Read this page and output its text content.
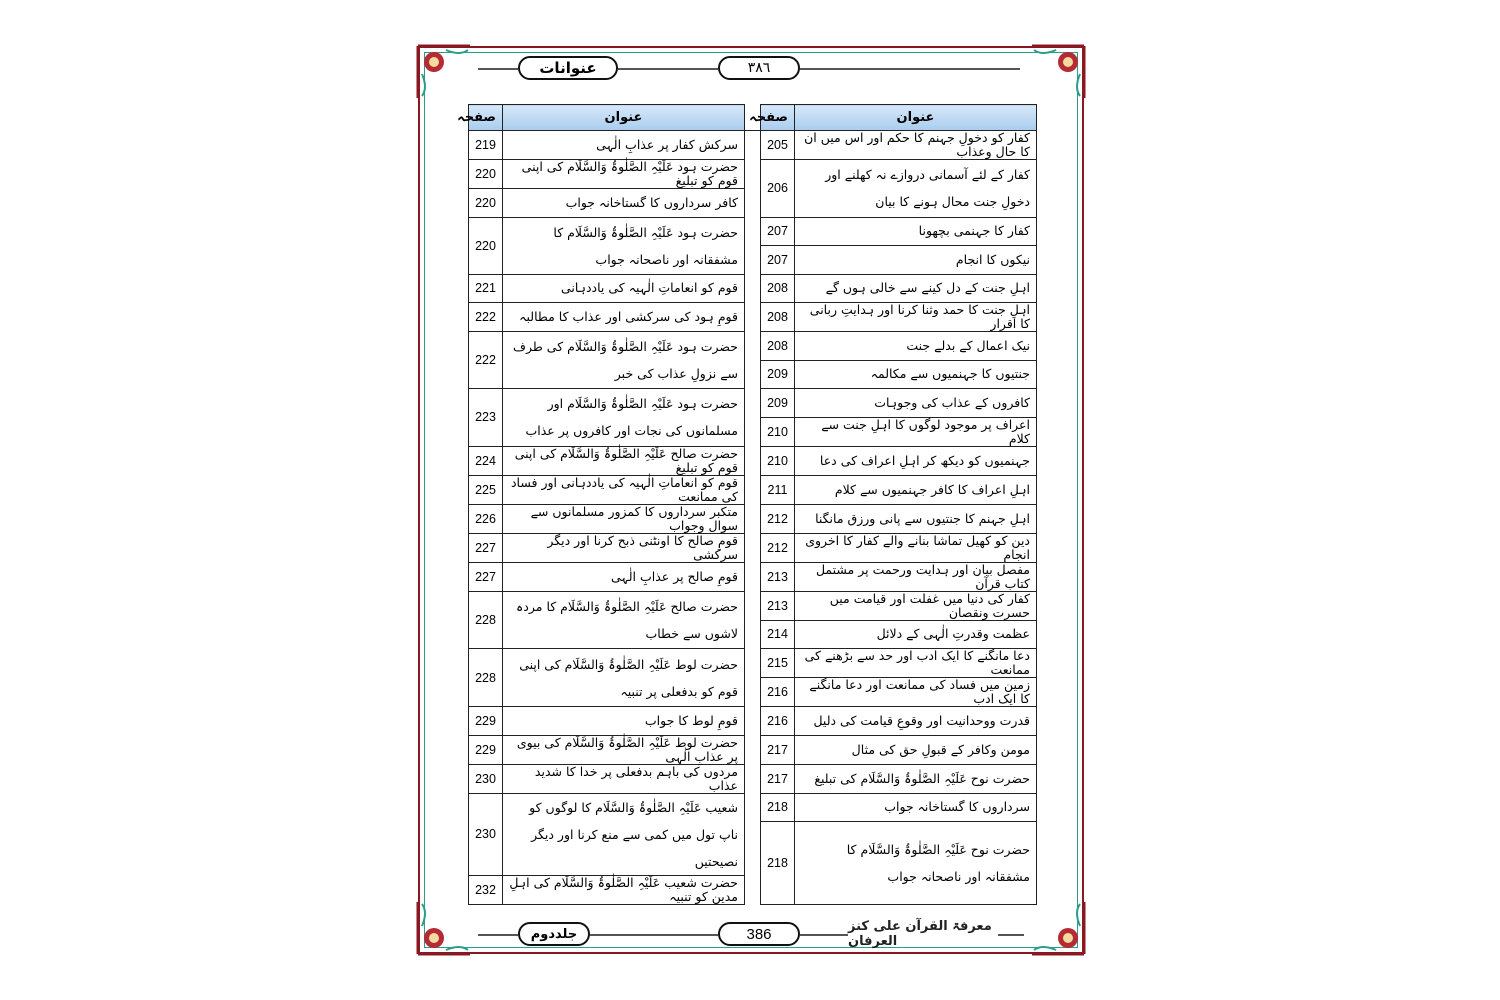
عنوانات	۳۸٦
عنوان	صفحہ		عنوان	صفحہ
کفار کو دخولِ جہنم کا حکم اور اس میں ان کا حال وعذاب	205		سرکش کفار پر عذابِ الٰہی	219
کفار کے لئے آسمانی دروازے نہ کھلنے اور دخولِ جنت محال ہونے کا بیان	206		حضرت ہود عَلَیْہِ الصَّلٰوۃُ وَالسَّلَام کی اپنی قوم کو تبلیغ	220
			کافر سرداروں کا گستاخانہ جواب	220
کفار کا جہنمی بچھونا	207		حضرت ہود عَلَیْہِ الصَّلٰوۃُ وَالسَّلَام کا مشفقانہ اور ناصحانہ جواب	220
نیکوں کا انجام	207			
اہلِ جنت کے دل کینے سے خالی ہوں گے	208		قوم کو انعاماتِ الٰہیہ کی یاددہانی	221
اہلِ جنت کا حمد وثنا کرنا اور ہدایتِ ربانی کا اقرار	208		قومِ ہود کی سرکشی اور عذاب کا مطالبہ	222
نیک اعمال کے بدلے جنت	208		حضرت ہود عَلَیْہِ الصَّلٰوۃُ وَالسَّلَام کی طرف سے نزولِ عذاب کی خبر	222
جنتیوں کا جہنمیوں سے مکالمہ	209			
کافروں کے عذاب کی وجوہات	209		حضرت ہود عَلَیْہِ الصَّلٰوۃُ وَالسَّلَام اور مسلمانوں کی نجات اور کافروں پر عذاب	223
اعراف پر موجود لوگوں کا اہلِ جنت سے کلام	210			
جہنمیوں کو دیکھ کر اہلِ اعراف کی دعا	210		حضرت صالح عَلَیْہِ الصَّلٰوۃُ وَالسَّلَام کی اپنی قوم کو تبلیغ	224
اہلِ اعراف کا کافر جہنمیوں سے کلام	211		قوم کو انعاماتِ الٰہیہ کی یاددہانی اور فساد کی ممانعت	225
اہلِ جہنم کا جنتیوں سے پانی ورزق مانگنا	212		متکبر سرداروں کا کمزور مسلمانوں سے سوال وجواب	226
دین کو کھیل تماشا بنانے والے کفار کا اخروی انجام	212		قومِ صالح کا اونٹنی ذبح کرنا اور دیگر سرکشی	227
مفصل بیان اور ہدایت ورحمت پر مشتمل کتاب قرآن	213		قومِ صالح پر عذابِ الٰہی	227
کفار کی دنیا میں غفلت اور قیامت میں حسرت ونقصان	213		حضرت صالح عَلَیْہِ الصَّلٰوۃُ وَالسَّلَام کا مردہ لاشوں سے خطاب	228
عظمت وقدرتِ الٰہی کے دلائل	214			
دعا مانگنے کا ایک ادب اور حد سے بڑھنے کی ممانعت	215		حضرت لوط عَلَیْہِ الصَّلٰوۃُ وَالسَّلَام کی اپنی قوم کو بدفعلی پر تنبیہ	228
زمین میں فساد کی ممانعت اور دعا مانگنے کا ایک ادب	216			
قدرت ووحدانیت اور وقوعِ قیامت کی دلیل	216		قومِ لوط کا جواب	229
مومن وکافر کے قبولِ حق کی مثال	217		حضرت لوط عَلَیْہِ الصَّلٰوۃُ وَالسَّلَام کی بیوی پر عذابِ الٰہی	229
حضرت نوح عَلَیْہِ الصَّلٰوۃُ وَالسَّلَام کی تبلیغ	217		مردوں کی باہم بدفعلی پر خدا کا شدید عذاب	230
سرداروں کا گستاخانہ جواب	218		شعیب عَلَیْہِ الصَّلٰوۃُ وَالسَّلَام کا لوگوں کو ناپ تول میں کمی سے منع کرنا اور دیگر نصیحتیں	230
حضرت نوح عَلَیْہِ الصَّلٰوۃُ وَالسَّلَام کا مشفقانہ اور ناصحانہ جواب	218			
			حضرت شعیب عَلَیْہِ الصَّلٰوۃُ وَالسَّلَام کی اہلِ مدین کو تنبیہ	232
جلددوم	386	معرفۃ القرآن علی کنز العرفان
